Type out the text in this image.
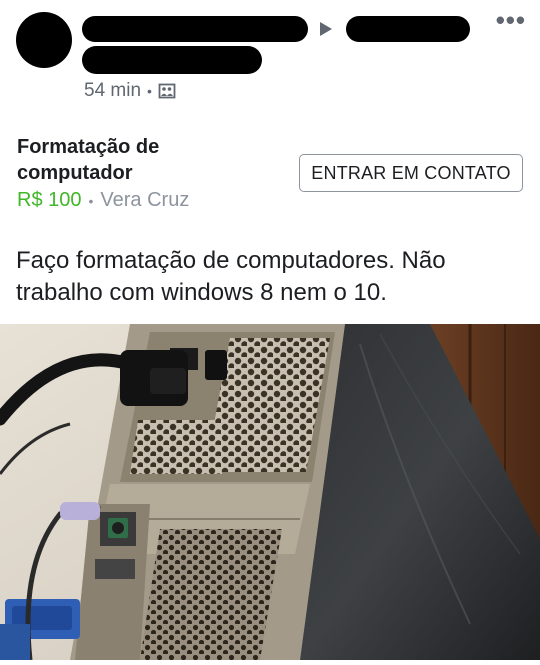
•••
54 min •
Formatação de computador
R$ 100 • Vera Cruz
ENTRAR EM CONTATO
Faço formatação de computadores. Não trabalho com windows 8 nem o 10.
